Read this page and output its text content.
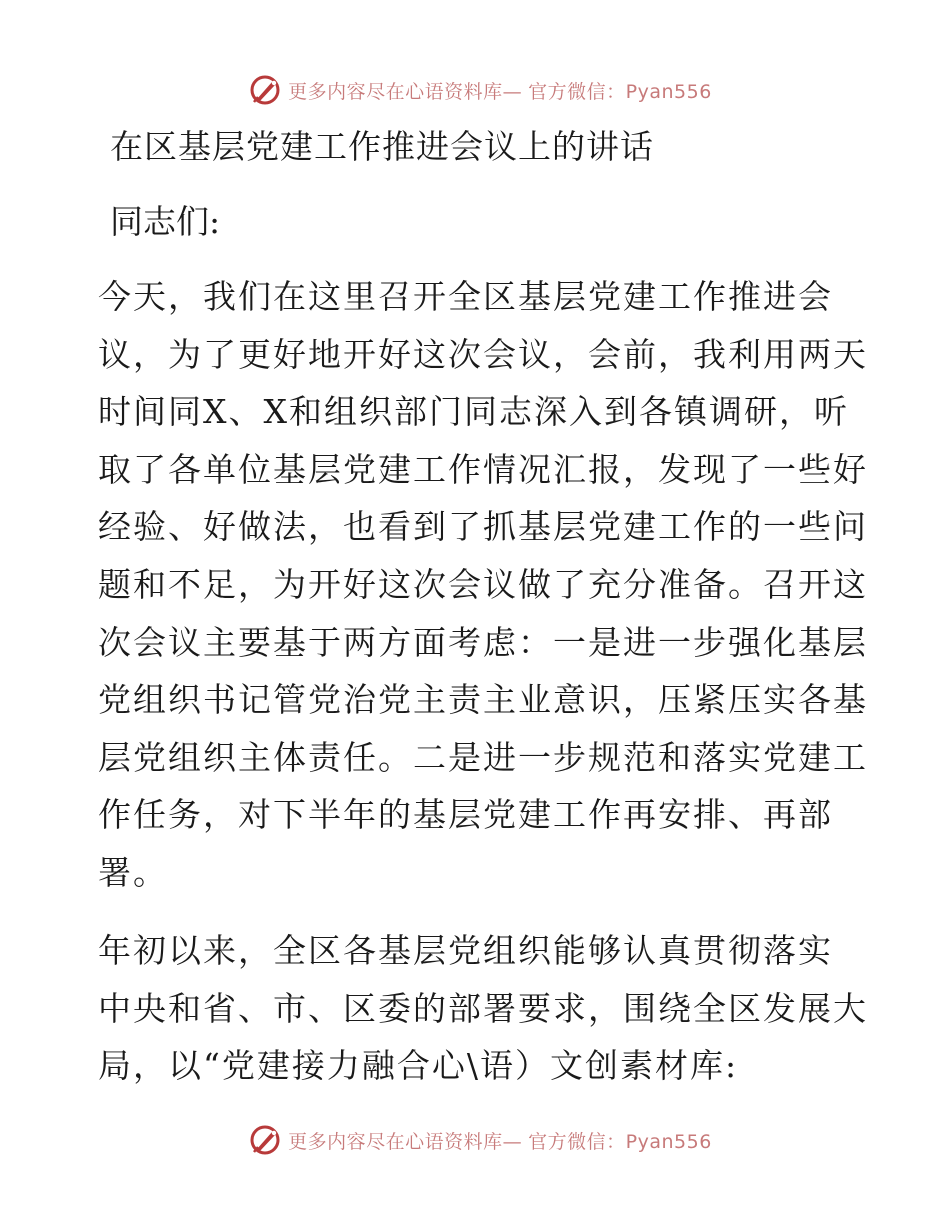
更多内容尽在心语资料库— 官方微信：Pyan556
在区基层党建工作推进会议上的讲话

同志们:

今天，我们在这里召开全区基层党建工作推进会
议，为了更好地开好这次会议，会前，我利用两天
时间同X、X和组织部门同志深入到各镇调研，听
取了各单位基层党建工作情况汇报，发现了一些好
经验、好做法，也看到了抓基层党建工作的一些问
题和不足，为开好这次会议做了充分准备。召开这
次会议主要基于两方面考虑：一是进一步强化基层
党组织书记管党治党主责主业意识，压紧压实各基
层党组织主体责任。二是进一步规范和落实党建工
作任务，对下半年的基层党建工作再安排、再部
署。
年初以来，全区各基层党组织能够认真贯彻落实
中央和省、市、区委的部署要求，围绕全区发展大
局，以“党建接力融合心\语）文创素材库:
更多内容尽在心语资料库— 官方微信：Pyan556
